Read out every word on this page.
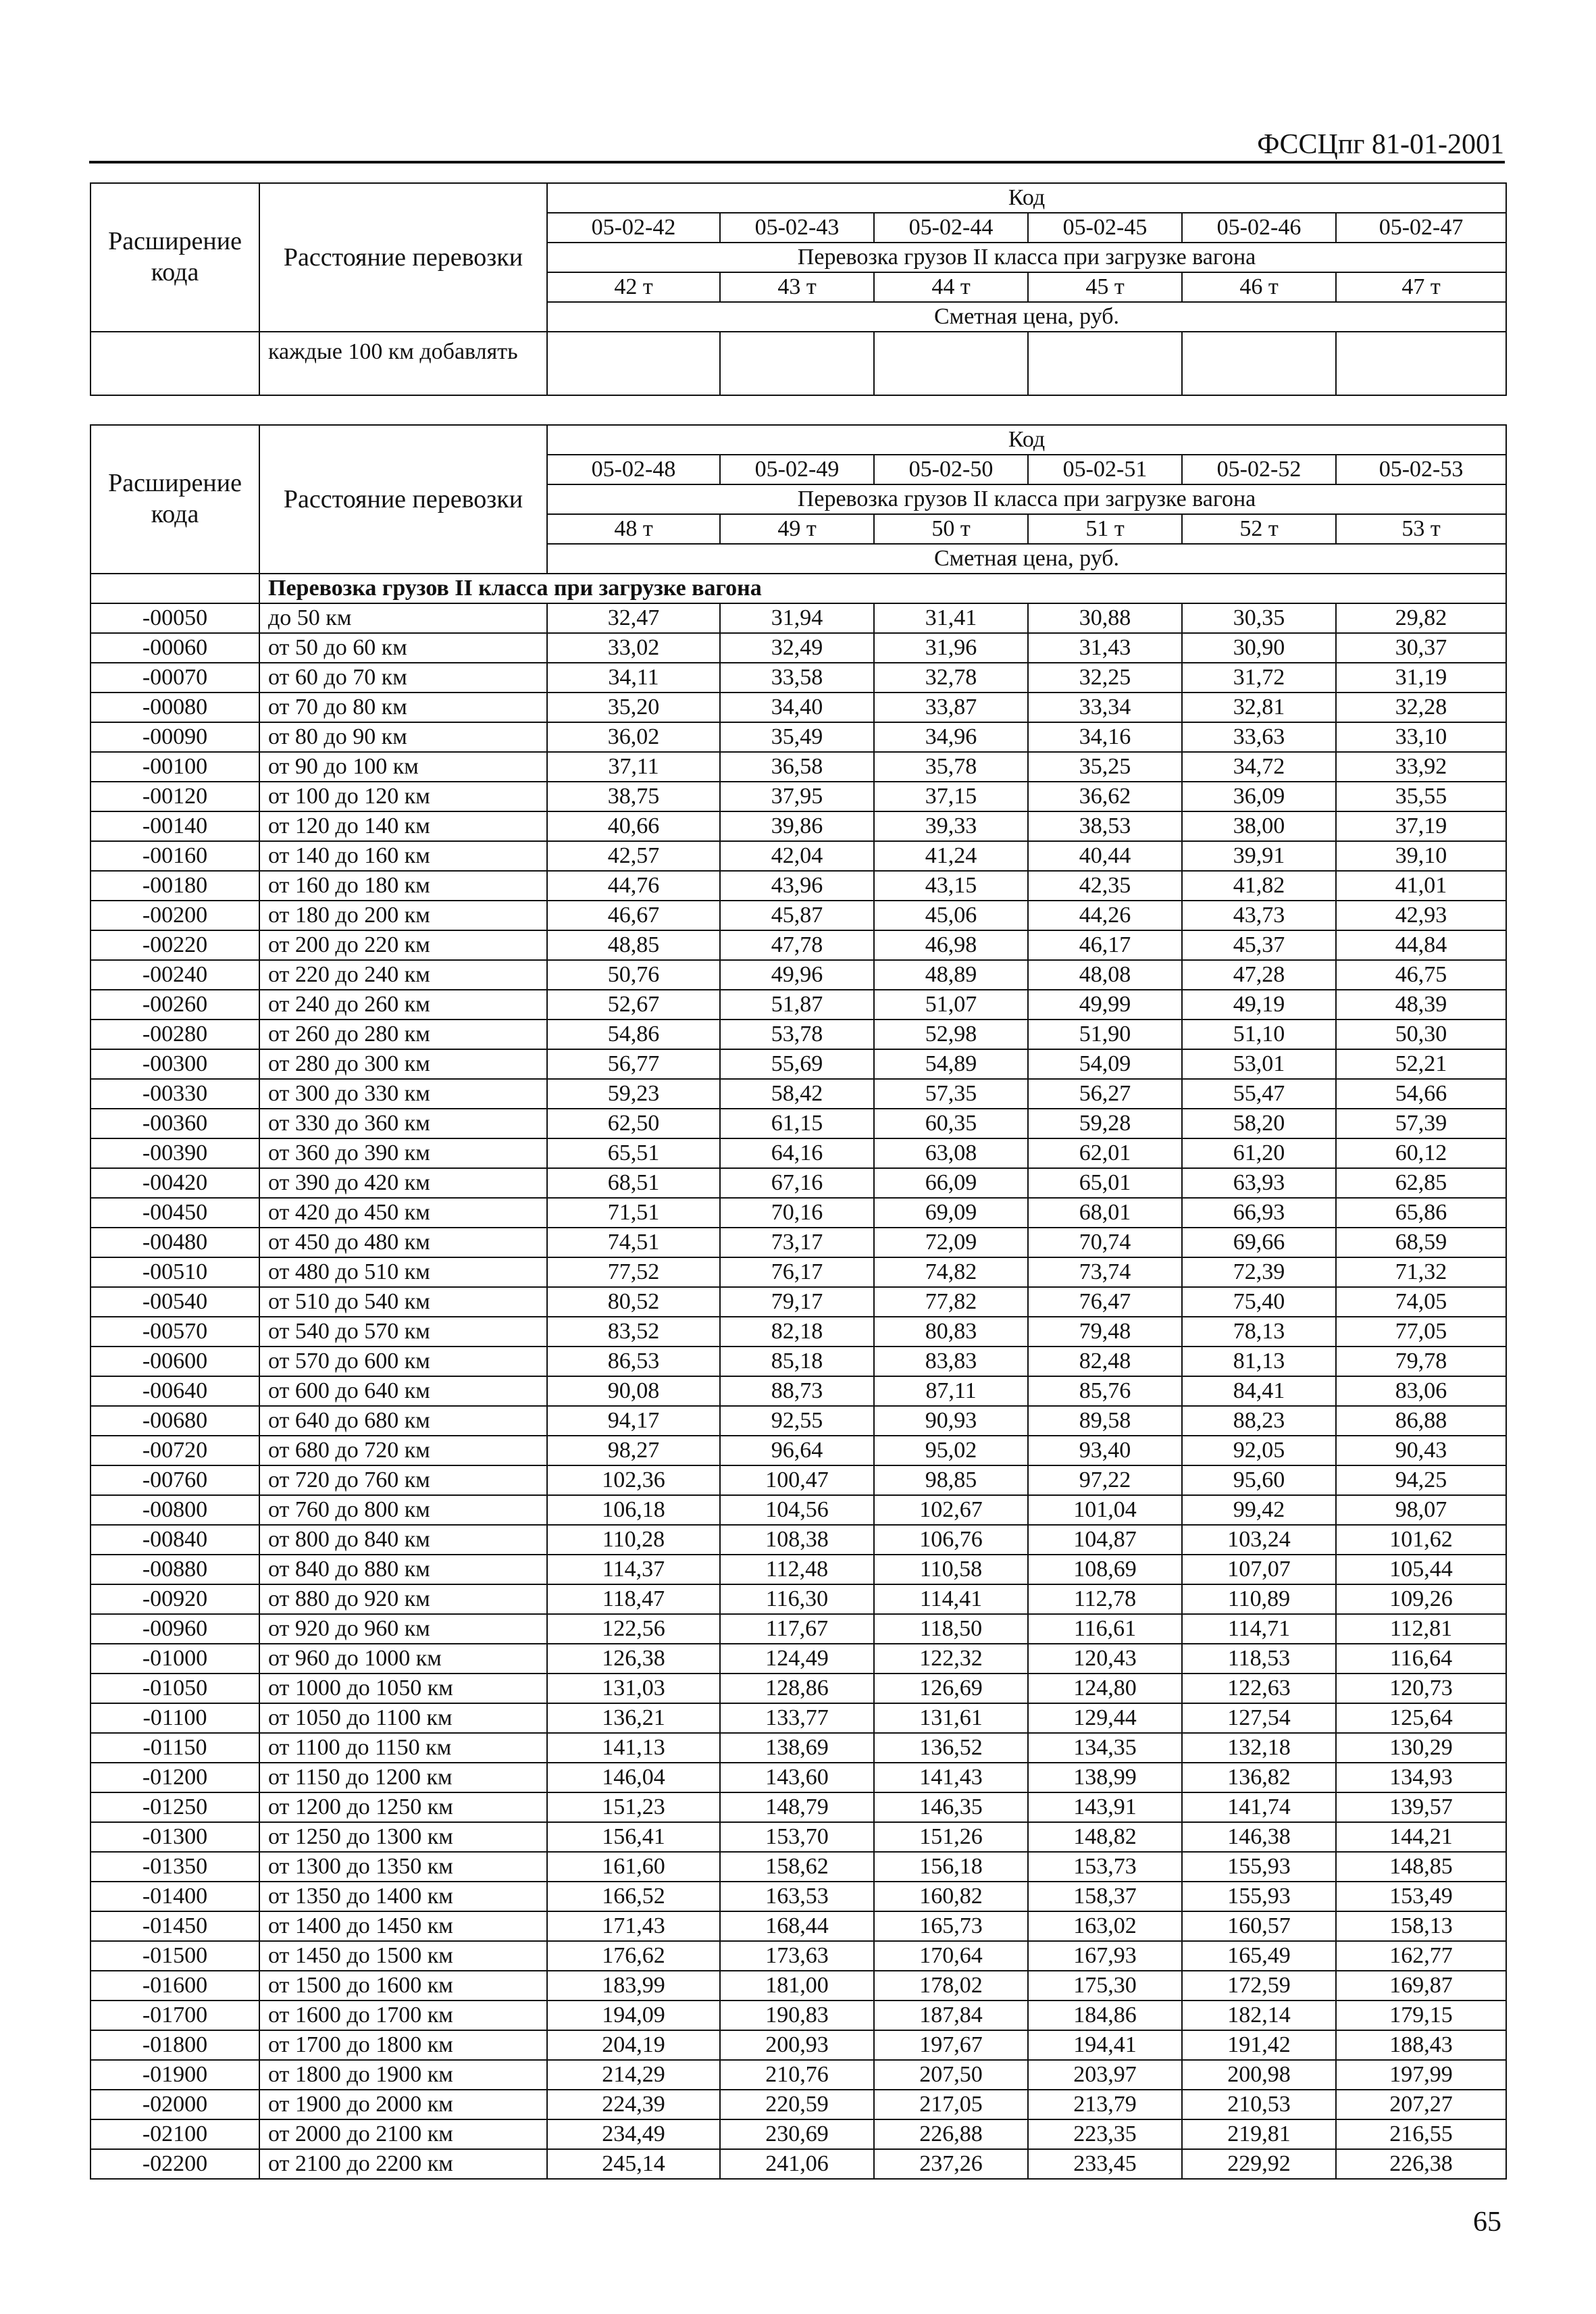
ФССЦпг 81-01-2001
Расширение кода	Расстояние перевозки	Код					
		05-02-42	05-02-43	05-02-44	05-02-45	05-02-46	05-02-47
		Перевозка грузов II класса при загрузке вагона					
		42 т	43 т	44 т	45 т	46 т	47 т
		Сметная цена, руб.					
	каждые 100 км добавлять						
Расширение кода	Расстояние перевозки	Код					
		05-02-48	05-02-49	05-02-50	05-02-51	05-02-52	05-02-53
		Перевозка грузов II класса при загрузке вагона					
		48 т	49 т	50 т	51 т	52 т	53 т
		Сметная цена, руб.					
	Перевозка грузов II класса при загрузке вагона						
-00050	до 50 км	32,47	31,94	31,41	30,88	30,35	29,82
-00060	от 50 до 60 км	33,02	32,49	31,96	31,43	30,90	30,37
-00070	от 60 до 70 км	34,11	33,58	32,78	32,25	31,72	31,19
-00080	от 70 до 80 км	35,20	34,40	33,87	33,34	32,81	32,28
-00090	от 80 до 90 км	36,02	35,49	34,96	34,16	33,63	33,10
-00100	от 90 до 100 км	37,11	36,58	35,78	35,25	34,72	33,92
-00120	от 100 до 120 км	38,75	37,95	37,15	36,62	36,09	35,55
-00140	от 120 до 140 км	40,66	39,86	39,33	38,53	38,00	37,19
-00160	от 140 до 160 км	42,57	42,04	41,24	40,44	39,91	39,10
-00180	от 160 до 180 км	44,76	43,96	43,15	42,35	41,82	41,01
-00200	от 180 до 200 км	46,67	45,87	45,06	44,26	43,73	42,93
-00220	от 200 до 220 км	48,85	47,78	46,98	46,17	45,37	44,84
-00240	от 220 до 240 км	50,76	49,96	48,89	48,08	47,28	46,75
-00260	от 240 до 260 км	52,67	51,87	51,07	49,99	49,19	48,39
-00280	от 260 до 280 км	54,86	53,78	52,98	51,90	51,10	50,30
-00300	от 280 до 300 км	56,77	55,69	54,89	54,09	53,01	52,21
-00330	от 300 до 330 км	59,23	58,42	57,35	56,27	55,47	54,66
-00360	от 330 до 360 км	62,50	61,15	60,35	59,28	58,20	57,39
-00390	от 360 до 390 км	65,51	64,16	63,08	62,01	61,20	60,12
-00420	от 390 до 420 км	68,51	67,16	66,09	65,01	63,93	62,85
-00450	от 420 до 450 км	71,51	70,16	69,09	68,01	66,93	65,86
-00480	от 450 до 480 км	74,51	73,17	72,09	70,74	69,66	68,59
-00510	от 480 до 510 км	77,52	76,17	74,82	73,74	72,39	71,32
-00540	от 510 до 540 км	80,52	79,17	77,82	76,47	75,40	74,05
-00570	от 540 до 570 км	83,52	82,18	80,83	79,48	78,13	77,05
-00600	от 570 до 600 км	86,53	85,18	83,83	82,48	81,13	79,78
-00640	от 600 до 640 км	90,08	88,73	87,11	85,76	84,41	83,06
-00680	от 640 до 680 км	94,17	92,55	90,93	89,58	88,23	86,88
-00720	от 680 до 720 км	98,27	96,64	95,02	93,40	92,05	90,43
-00760	от 720 до 760 км	102,36	100,47	98,85	97,22	95,60	94,25
-00800	от 760 до 800 км	106,18	104,56	102,67	101,04	99,42	98,07
-00840	от 800 до 840 км	110,28	108,38	106,76	104,87	103,24	101,62
-00880	от 840 до 880 км	114,37	112,48	110,58	108,69	107,07	105,44
-00920	от 880 до 920 км	118,47	116,30	114,41	112,78	110,89	109,26
-00960	от 920 до 960 км	122,56	117,67	118,50	116,61	114,71	112,81
-01000	от 960 до 1000 км	126,38	124,49	122,32	120,43	118,53	116,64
-01050	от 1000 до 1050 км	131,03	128,86	126,69	124,80	122,63	120,73
-01100	от 1050 до 1100 км	136,21	133,77	131,61	129,44	127,54	125,64
-01150	от 1100 до 1150 км	141,13	138,69	136,52	134,35	132,18	130,29
-01200	от 1150 до 1200 км	146,04	143,60	141,43	138,99	136,82	134,93
-01250	от 1200 до 1250 км	151,23	148,79	146,35	143,91	141,74	139,57
-01300	от 1250 до 1300 км	156,41	153,70	151,26	148,82	146,38	144,21
-01350	от 1300 до 1350 км	161,60	158,62	156,18	153,73	155,93	148,85
-01400	от 1350 до 1400 км	166,52	163,53	160,82	158,37	155,93	153,49
-01450	от 1400 до 1450 км	171,43	168,44	165,73	163,02	160,57	158,13
-01500	от 1450 до 1500 км	176,62	173,63	170,64	167,93	165,49	162,77
-01600	от 1500 до 1600 км	183,99	181,00	178,02	175,30	172,59	169,87
-01700	от 1600 до 1700 км	194,09	190,83	187,84	184,86	182,14	179,15
-01800	от 1700 до 1800 км	204,19	200,93	197,67	194,41	191,42	188,43
-01900	от 1800 до 1900 км	214,29	210,76	207,50	203,97	200,98	197,99
-02000	от 1900 до 2000 км	224,39	220,59	217,05	213,79	210,53	207,27
-02100	от 2000 до 2100 км	234,49	230,69	226,88	223,35	219,81	216,55
-02200	от 2100 до 2200 км	245,14	241,06	237,26	233,45	229,92	226,38
65
